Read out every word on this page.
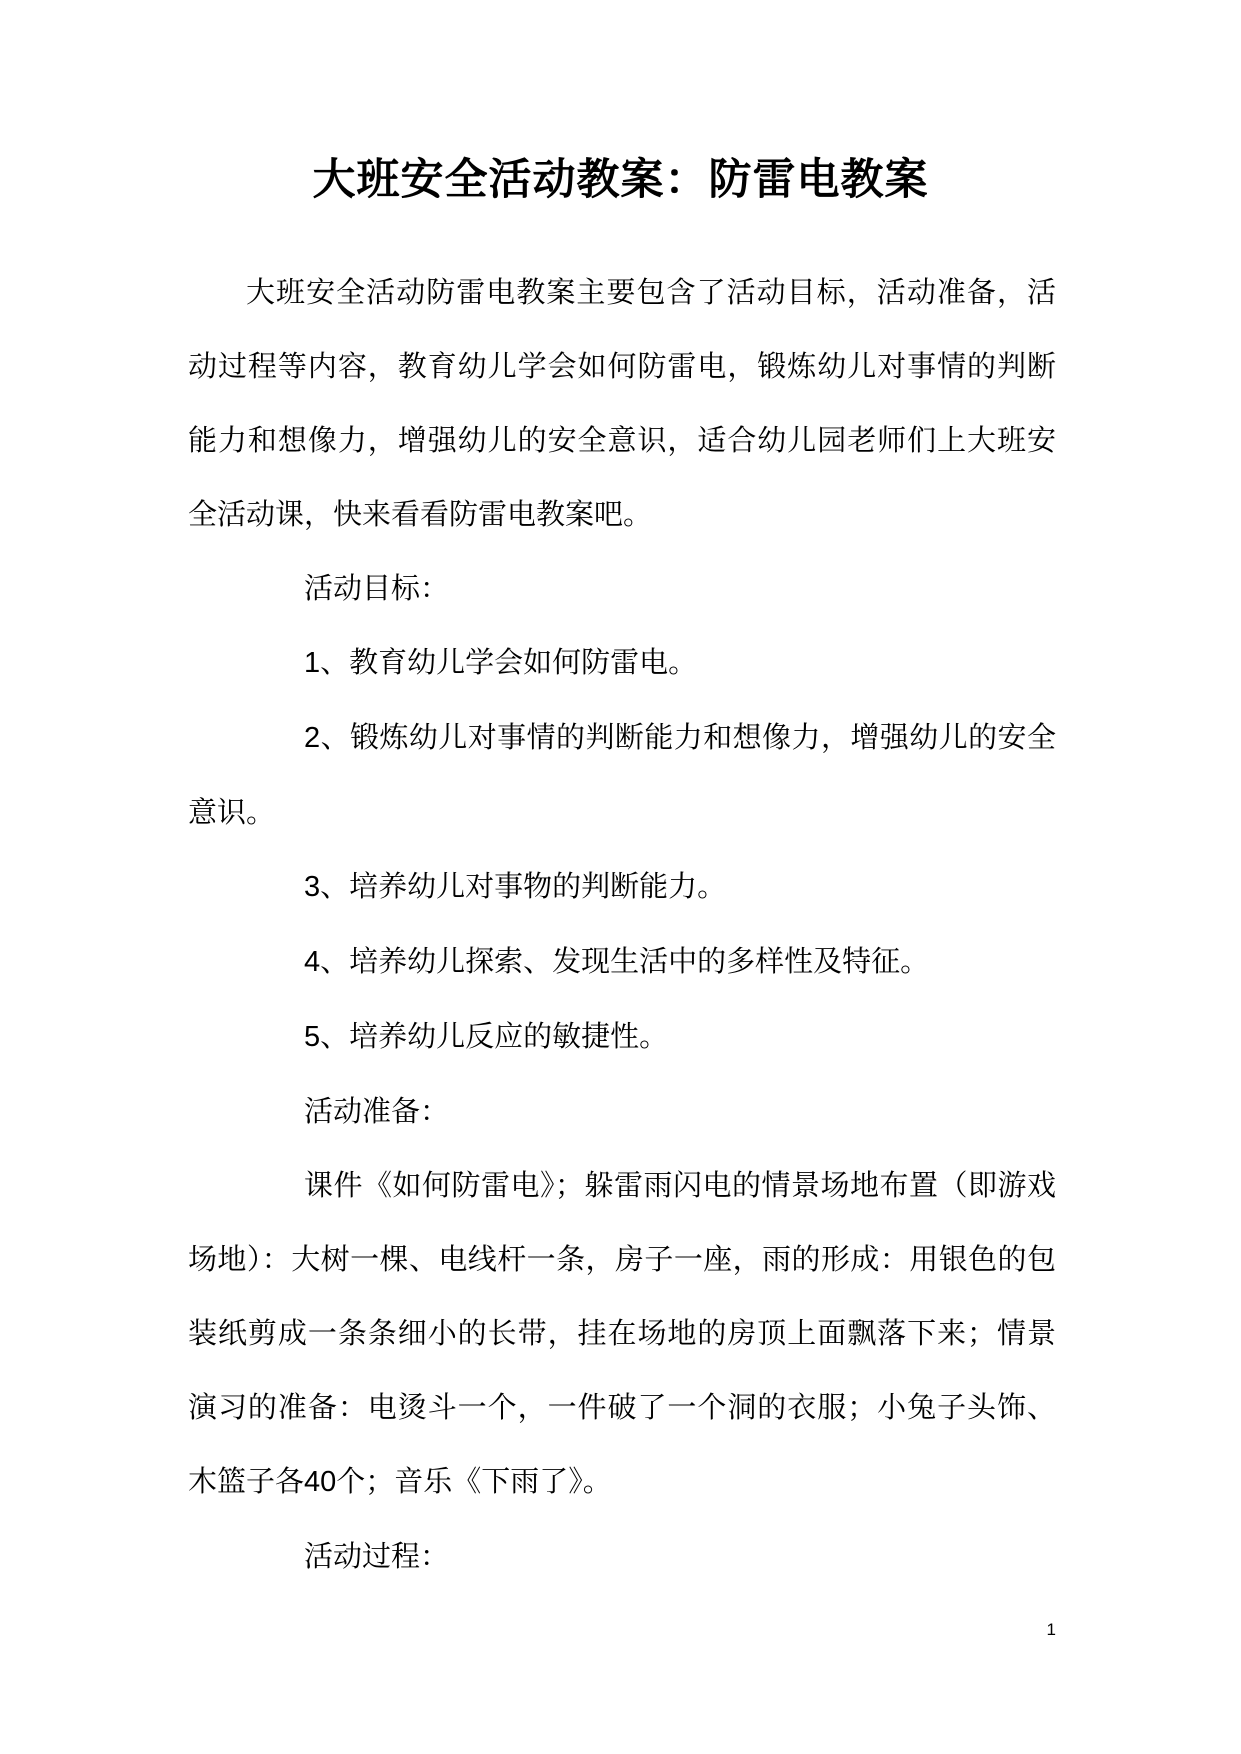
大班安全活动教案：防雷电教案

大班安全活动防雷电教案主要包含了活动目标，活动准备，活动过程等内容，教育幼儿学会如何防雷电，锻炼幼儿对事情的判断能力和想像力，增强幼儿的安全意识，适合幼儿园老师们上大班安全活动课，快来看看防雷电教案吧。

活动目标：

1、教育幼儿学会如何防雷电。

2、锻炼幼儿对事情的判断能力和想像力，增强幼儿的安全意识。

3、培养幼儿对事物的判断能力。

4、培养幼儿探索、发现生活中的多样性及特征。

5、培养幼儿反应的敏捷性。

活动准备：

课件《如何防雷电》；躲雷雨闪电的情景场地布置（即游戏场地）：大树一棵、电线杆一条，房子一座，雨的形成：用银色的包装纸剪成一条条细小的长带，挂在场地的房顶上面飘落下来；情景演习的准备：电烫斗一个，一件破了一个洞的衣服；小兔子头饰、木篮子各40个；音乐《下雨了》。

活动过程：

1
